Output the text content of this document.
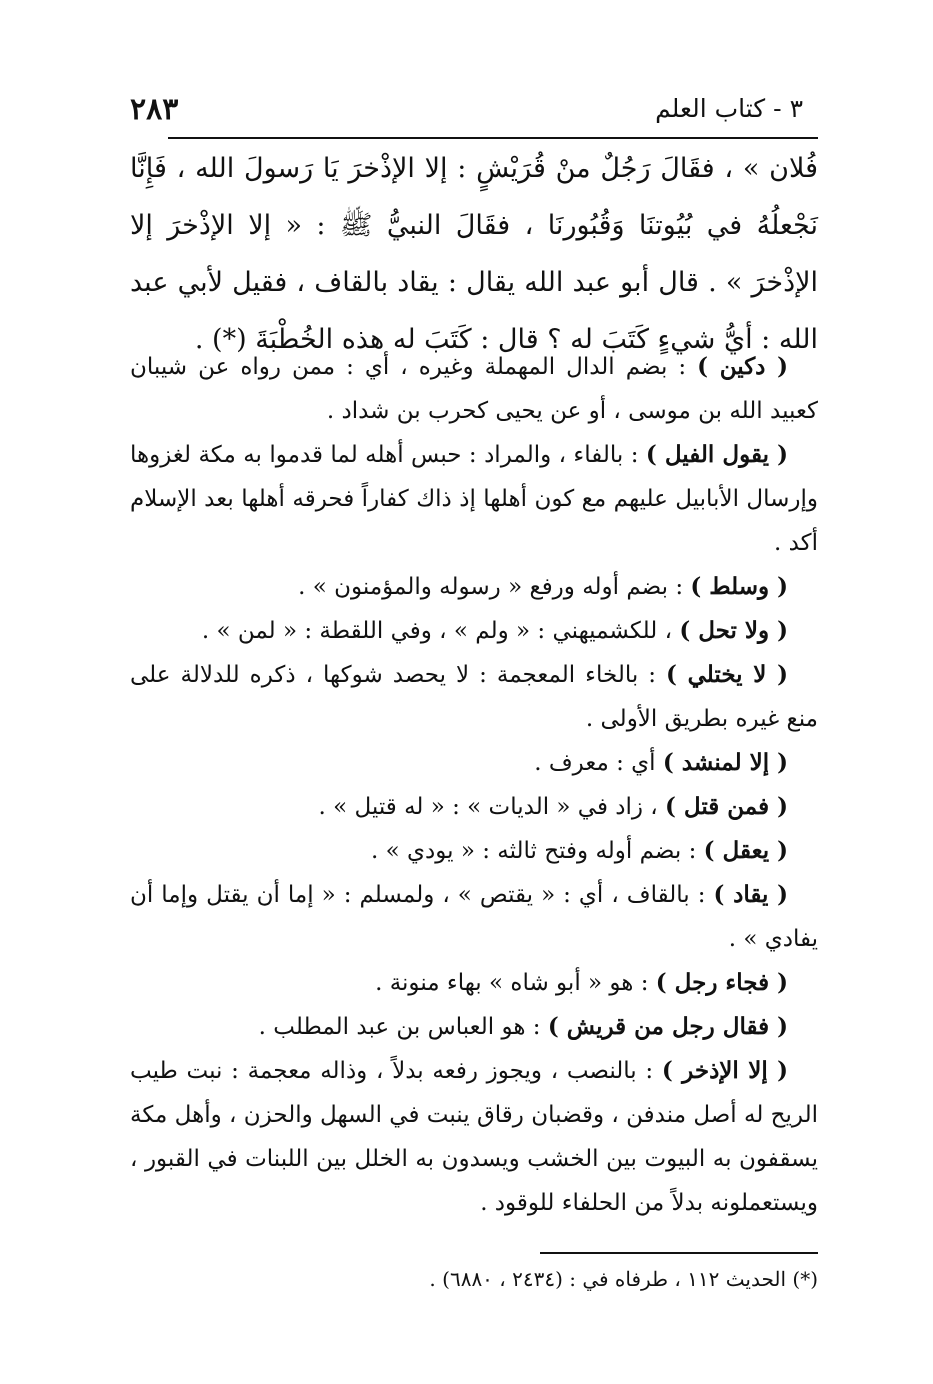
٢٨٣	٣ - كتاب العلم
فُلان » ، فقَالَ رَجُلٌ منْ قُرَيْشٍ : إلا الإذْخرَ يَا رَسولَ الله ، فَإِنَّا نَجْعلُهُ في بُيُوتنَا وَقُبُورنَا ، فقَالَ النبيُّ ﷺ : « إلا الإذْخرَ إلا الإذْخرَ » . قال أبو عبد الله يقال : يقاد بالقاف ، فقيل لأبي عبد الله : أيُّ شيءٍ كَتَبَ له ؟ قال : كَتَبَ له هذه الخُطْبَةَ (*) .

( دكين ) : بضم الدال المهملة وغيره ، أي : ممن رواه عن شيبان كعبيد الله بن موسى ، أو عن يحيى كحرب بن شداد .

( يقول الفيل ) : بالفاء ، والمراد : حبس أهله لما قدموا به مكة لغزوها وإرسال الأبابيل عليهم مع كون أهلها إذ ذاك كفاراً فحرقه أهلها بعد الإسلام أكد .

( وسلط ) : بضم أوله ورفع « رسوله والمؤمنون » .

( ولا تحل ) ، للكشميهني : « ولم » ، وفي اللقطة : « لمن » .

( لا يختلي ) : بالخاء المعجمة : لا يحصد شوكها ، ذكره للدلالة على منع غيره بطريق الأولى .

( إلا لمنشد ) أي : معرف .

( فمن قتل ) ، زاد في « الديات » : « له قتيل » .

( يعقل ) : بضم أوله وفتح ثالثه : « يودي » .

( يقاد ) : بالقاف ، أي : « يقتص » ، ولمسلم : « إما أن يقتل وإما أن يفادي » .

( فجاء رجل ) : هو « أبو شاه » بهاء منونة .

( فقال رجل من قريش ) : هو العباس بن عبد المطلب .

( إلا الإذخر ) : بالنصب ، ويجوز رفعه بدلاً ، وذاله معجمة : نبت طيب الريح له أصل مندفن ، وقضبان رقاق ينبت في السهل والحزن ، وأهل مكة يسقفون به البيوت بين الخشب ويسدون به الخلل بين اللبنات في القبور ، ويستعملونه بدلاً من الحلفاء للوقود .

(*) الحديث ١١٢ ، طرفاه في : (٢٤٣٤ ، ٦٨٨٠) .
